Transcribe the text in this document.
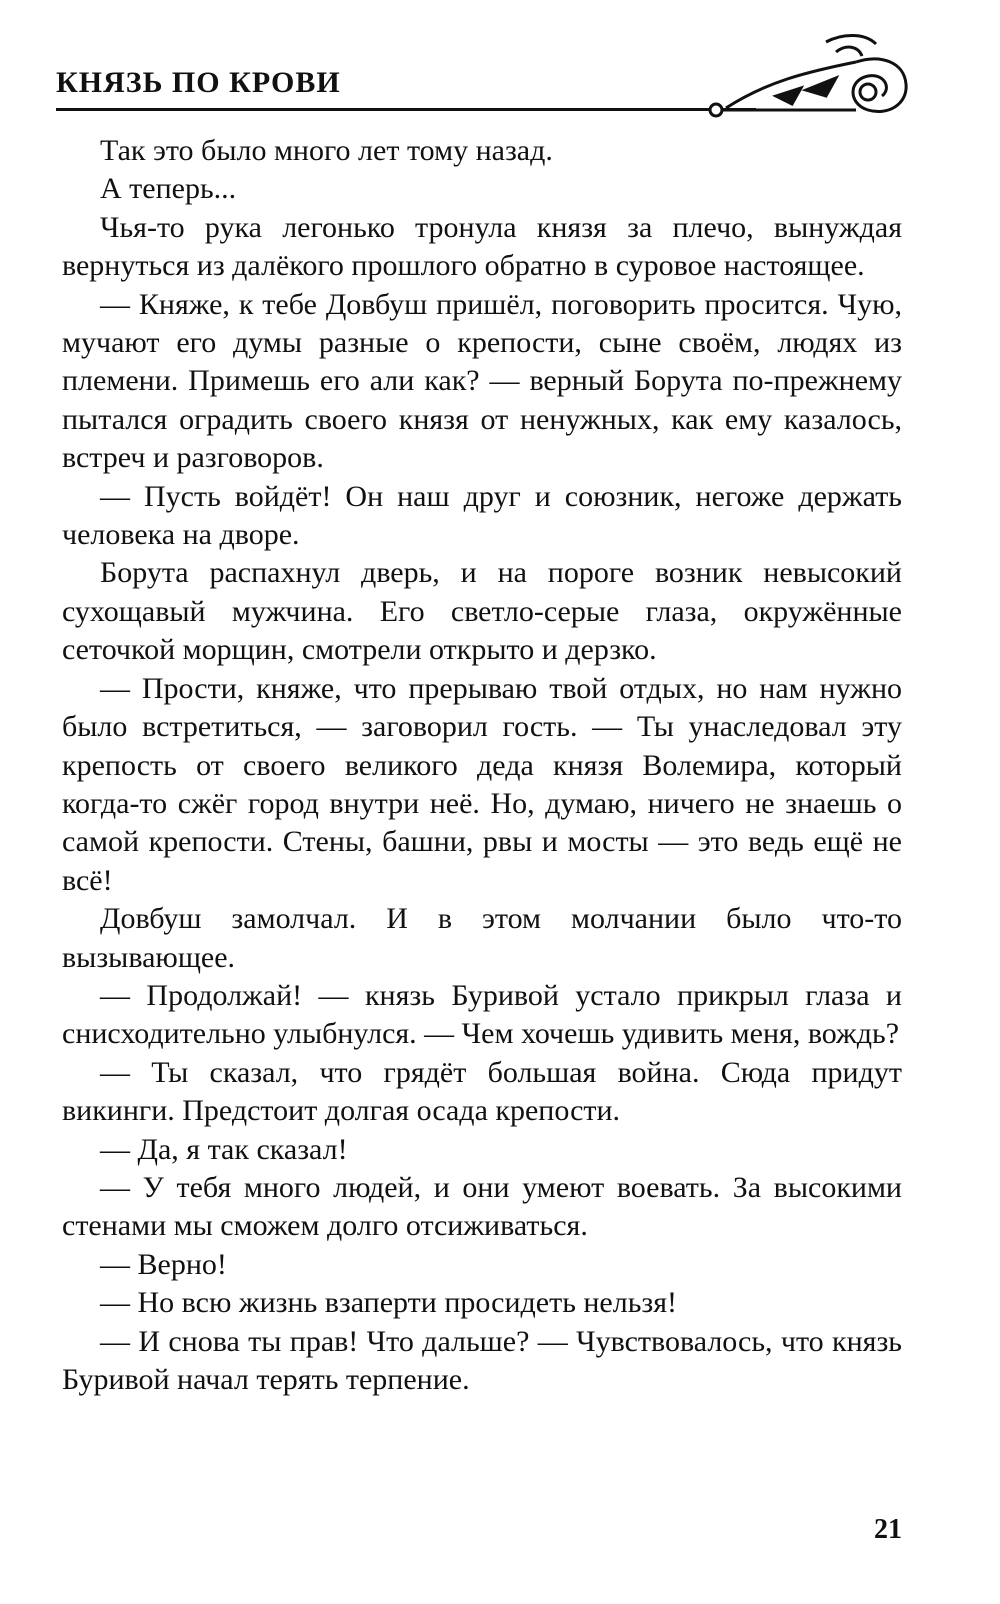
КНЯЗЬ ПО КРОВИ

Так это было много лет тому назад.

А теперь...

Чья-то рука легонько тронула князя за плечо, вынуждая вернуться из далёкого прошлого обратно в суровое настоящее.

— Княже, к тебе Довбуш пришёл, поговорить просится. Чую, мучают его думы разные о крепости, сыне своём, людях из племени. Примешь его али как? — верный Борута по-прежнему пытался оградить своего князя от ненужных, как ему казалось, встреч и разговоров.

— Пусть войдёт! Он наш друг и союзник, негоже держать человека на дворе.

Борута распахнул дверь, и на пороге возник невысокий сухощавый мужчина. Его светло-серые глаза, окружённые сеточкой морщин, смотрели открыто и дерзко.

— Прости, княже, что прерываю твой отдых, но нам нужно было встретиться, — заговорил гость. — Ты унаследовал эту крепость от своего великого деда князя Волемира, который когда-то сжёг город внутри неё. Но, думаю, ничего не знаешь о самой крепости. Стены, башни, рвы и мосты — это ведь ещё не всё!

Довбуш замолчал. И в этом молчании было что-то вызывающее.

— Продолжай! — князь Буривой устало прикрыл глаза и снисходительно улыбнулся. — Чем хочешь удивить меня, вождь?

— Ты сказал, что грядёт большая война. Сюда придут викинги. Предстоит долгая осада крепости.

— Да, я так сказал!

— У тебя много людей, и они умеют воевать. За высокими стенами мы сможем долго отсиживаться.

— Верно!

— Но всю жизнь взаперти просидеть нельзя!

— И снова ты прав! Что дальше? — Чувствовалось, что князь Буривой начал терять терпение.

21
